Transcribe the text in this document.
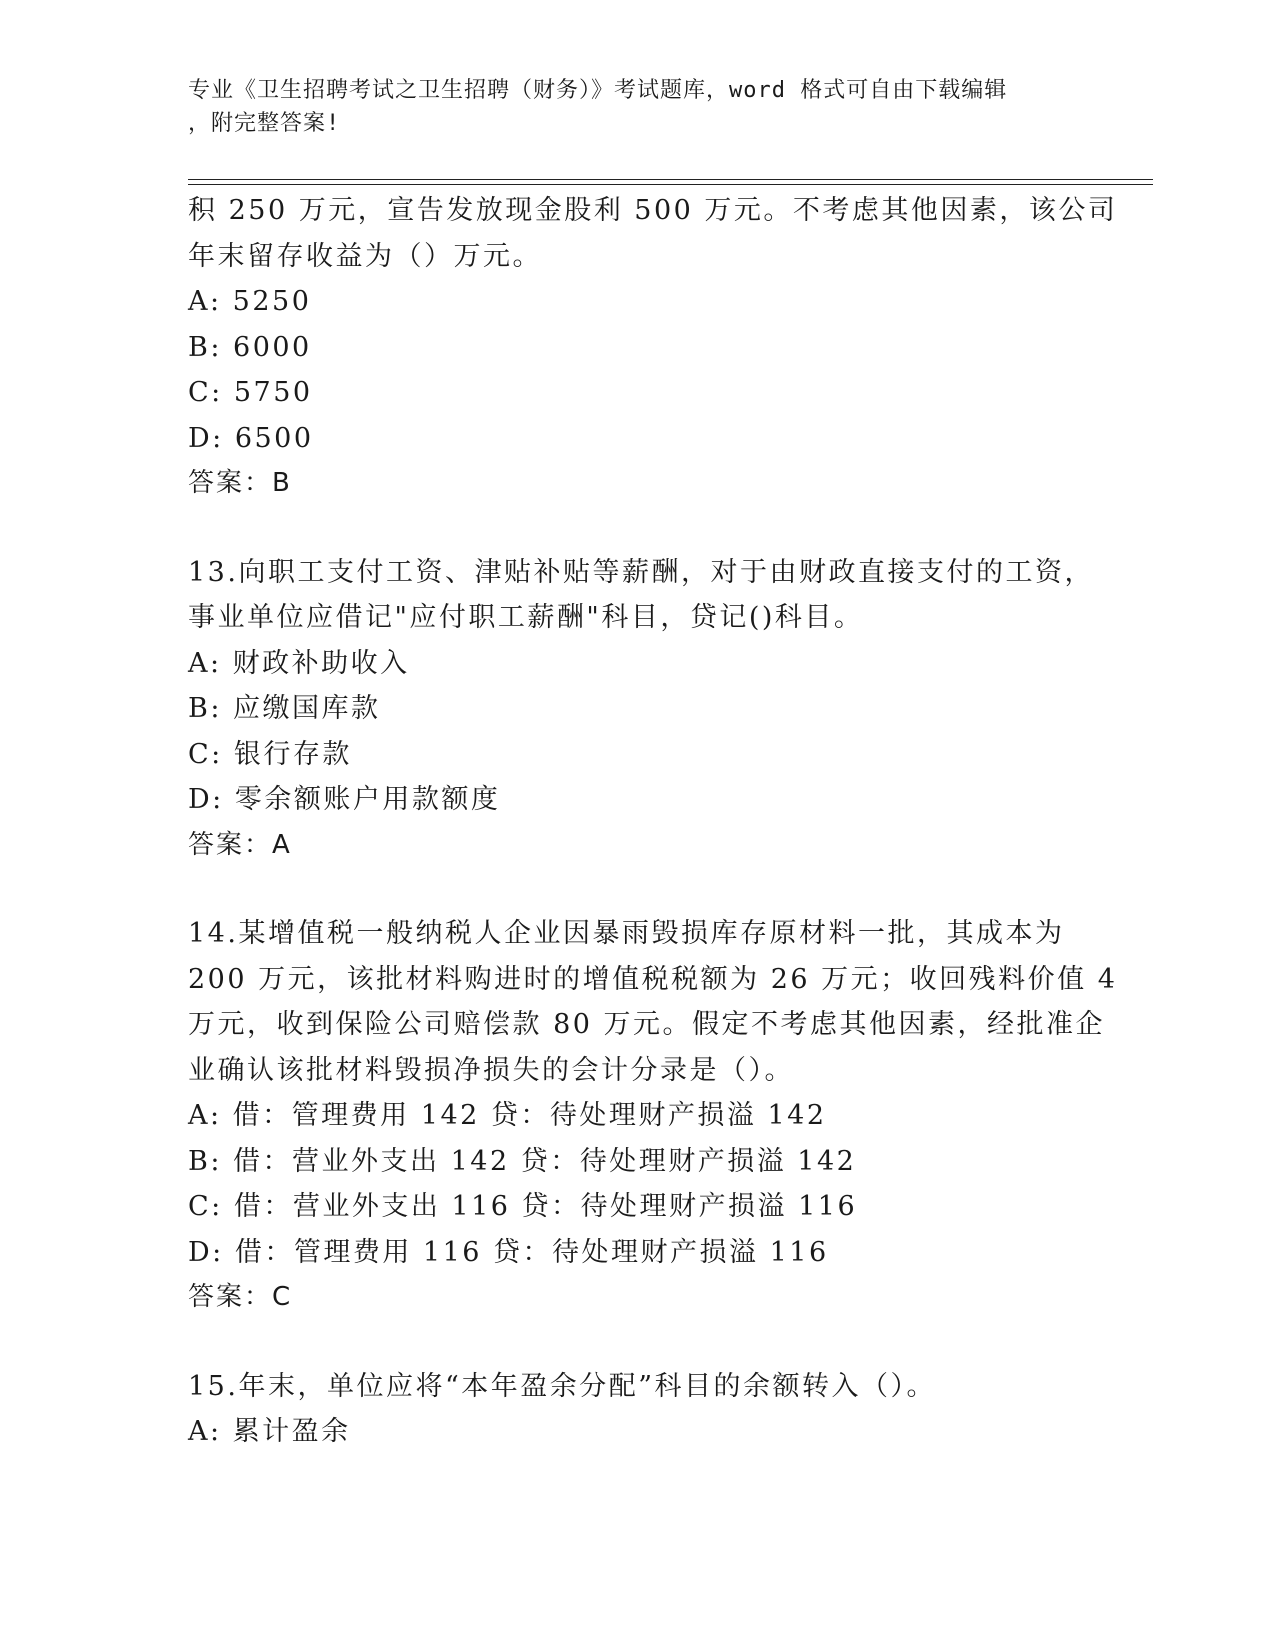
专业《卫生招聘考试之卫生招聘（财务）》考试题库，word 格式可自由下载编辑
，附完整答案!
积 250 万元，宣告发放现金股利 500 万元。不考虑其他因素，该公司
年末留存收益为（）万元。
A: 5250
B: 6000
C: 5750
D: 6500
答案：B
13.向职工支付工资、津贴补贴等薪酬，对于由财政直接支付的工资，
事业单位应借记"应付职工薪酬"科目，贷记()科目。
A: 财政补助收入
B: 应缴国库款
C: 银行存款
D: 零余额账户用款额度
答案：A
14.某增值税一般纳税人企业因暴雨毁损库存原材料一批，其成本为
200 万元，该批材料购进时的增值税税额为 26 万元；收回残料价值 4
万元，收到保险公司赔偿款 80 万元。假定不考虑其他因素，经批准企
业确认该批材料毁损净损失的会计分录是（）。
A: 借：管理费用 142 贷：待处理财产损溢 142
B: 借：营业外支出 142 贷：待处理财产损溢 142
C: 借：营业外支出 116 贷：待处理财产损溢 116
D: 借：管理费用 116 贷：待处理财产损溢 116
答案：C
15.年末，单位应将“本年盈余分配”科目的余额转入（）。
A: 累计盈余
